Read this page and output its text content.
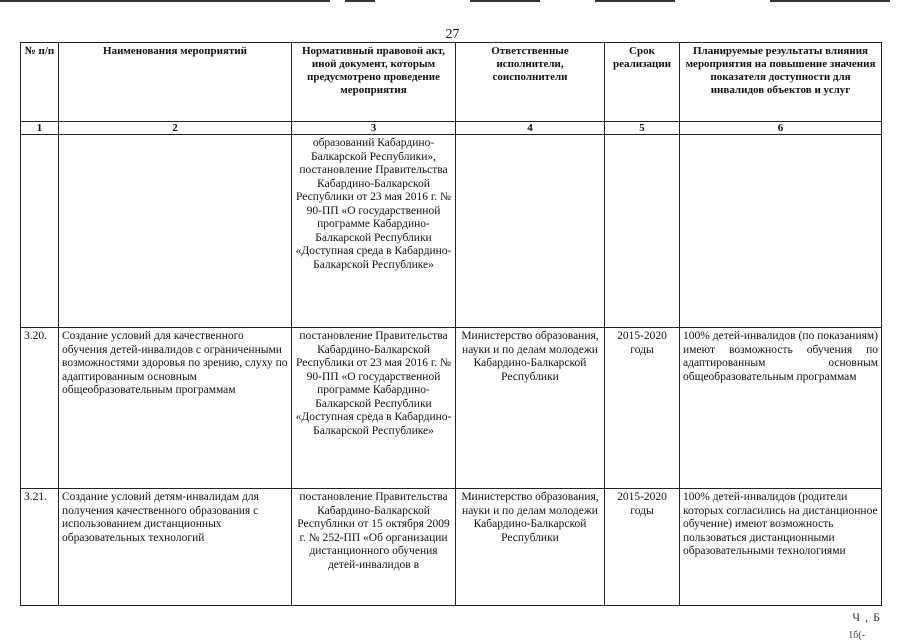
27
№ п/п	Наименования мероприятий	Нормативный правовой акт, иной документ, которым предусмотрено проведение мероприятия	Ответственные исполнители, соисполнители	Срок реализации	Планируемые результаты влияния мероприятия на повышение значения показателя доступности для инвалидов объектов и услуг
1	2	3	4	5	6
		образований Кабардино-Балкарской Республики», постановление Правительства Кабардино-Балкарской Республики от 23 мая 2016 г. № 90-ПП «О государственной программе Кабардино-Балкарской Республики «Доступная среда в Кабардино-Балкарской Республике»			
3.20.	Создание условий для качественного обучения детей-инвалидов с ограниченными возможностями здоровья по зрению, слуху по адаптированным основным общеобразовательным программам	постановление Правительства Кабардино-Балкарской Республики от 23 мая 2016 г. № 90-ПП «О государственной программе Кабардино-Балкарской Республики «Доступная среда в Кабардино-Балкарской Республике»	Министерство образования, науки и по делам молодежи Кабардино-Балкарской Республики	2015-2020 годы	100% детей-инвалидов (по показаниям) имеют возможность обучения по адаптированным основным общеобразовательным программам
3.21.	Создание условий детям-инвалидам для получения качественного образования с использованием дистанционных образовательных технологий	постановление Правительства Кабардино-Балкарской Республики от 15 октября 2009 г. № 252-ПП «Об организации дистанционного обучения детей-инвалидов в	Министерство образования, науки и по делам молодежи Кабардино-Балкарской Республики	2015-2020 годы	100% детей-инвалидов (родители которых согласились на дистанционное обучение) имеют возможность пользоваться дистанционными образовательными технологиями
Ч , Б
1б(-
